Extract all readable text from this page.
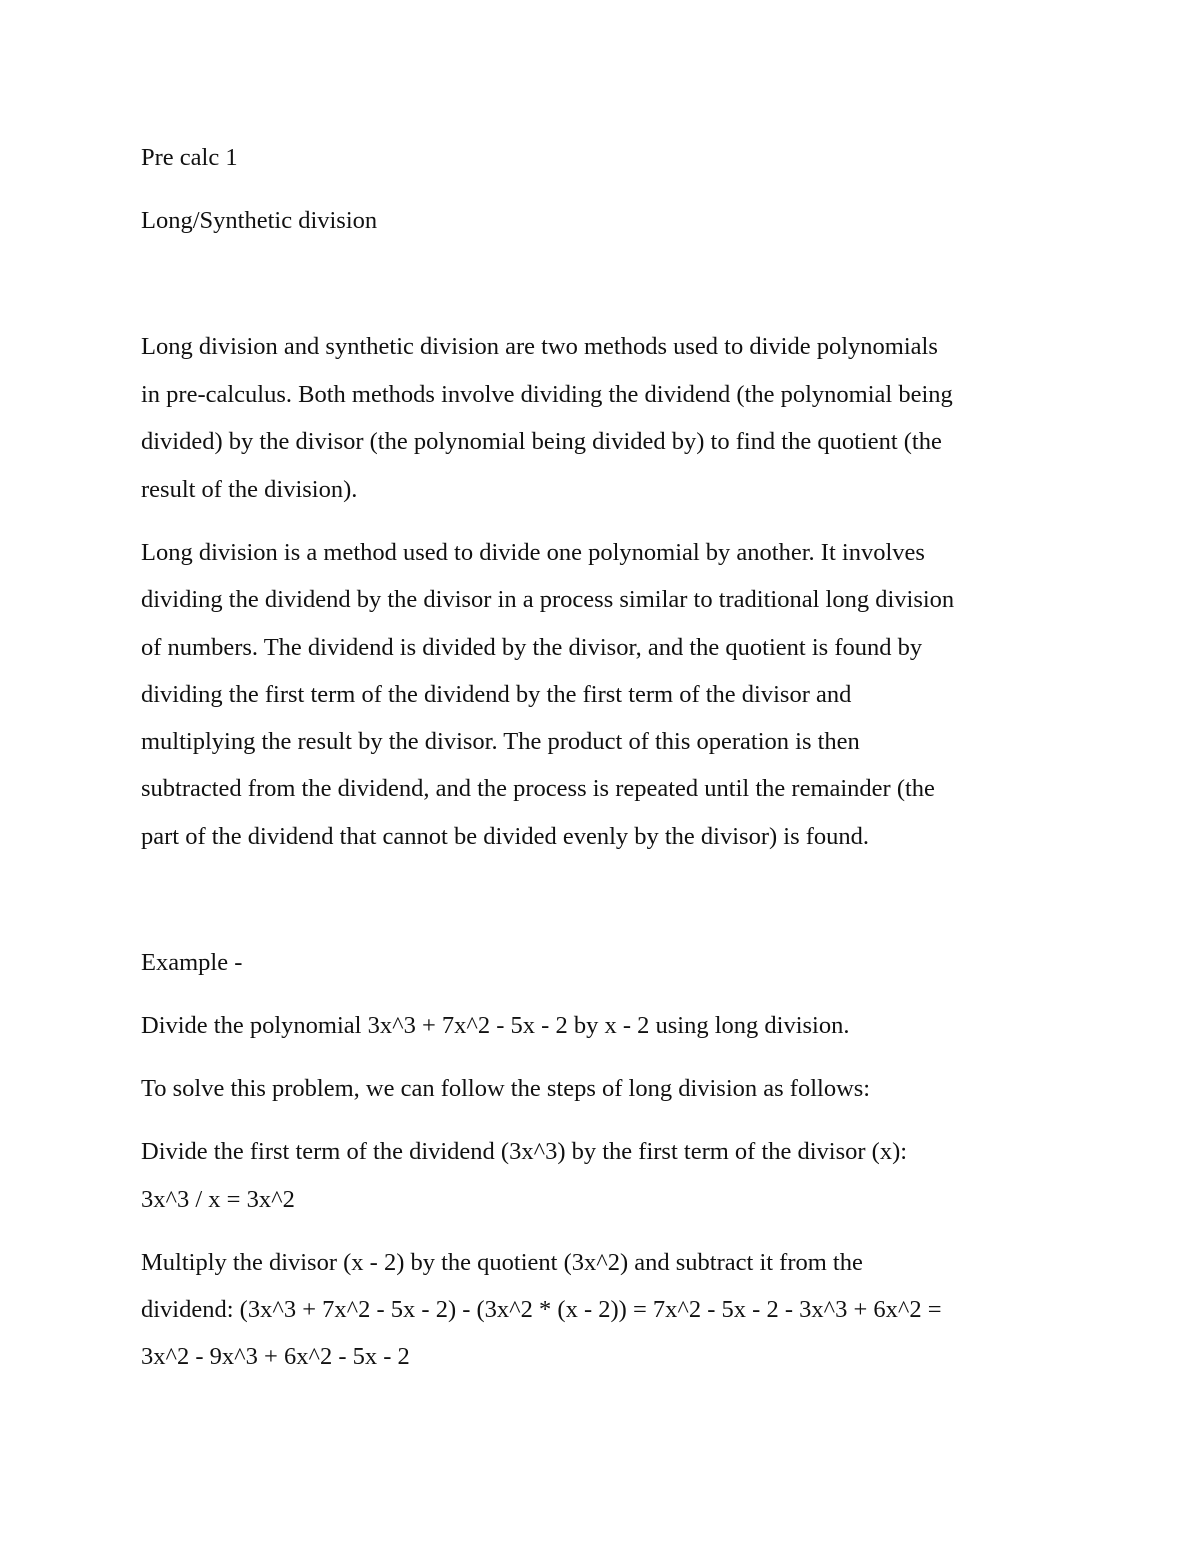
Pre calc 1
Long/Synthetic division
Long division and synthetic division are two methods used to divide polynomials
in pre-calculus. Both methods involve dividing the dividend (the polynomial being
divided) by the divisor (the polynomial being divided by) to find the quotient (the
result of the division).
Long division is a method used to divide one polynomial by another. It involves
dividing the dividend by the divisor in a process similar to traditional long division
of numbers. The dividend is divided by the divisor, and the quotient is found by
dividing the first term of the dividend by the first term of the divisor and
multiplying the result by the divisor. The product of this operation is then
subtracted from the dividend, and the process is repeated until the remainder (the
part of the dividend that cannot be divided evenly by the divisor) is found.
Example -
Divide the polynomial 3x^3 + 7x^2 - 5x - 2 by x - 2 using long division.
To solve this problem, we can follow the steps of long division as follows:
Divide the first term of the dividend (3x^3) by the first term of the divisor (x):
3x^3 / x = 3x^2
Multiply the divisor (x - 2) by the quotient (3x^2) and subtract it from the
dividend: (3x^3 + 7x^2 - 5x - 2) - (3x^2 * (x - 2)) = 7x^2 - 5x - 2 - 3x^3 + 6x^2 =
3x^2 - 9x^3 + 6x^2 - 5x - 2
